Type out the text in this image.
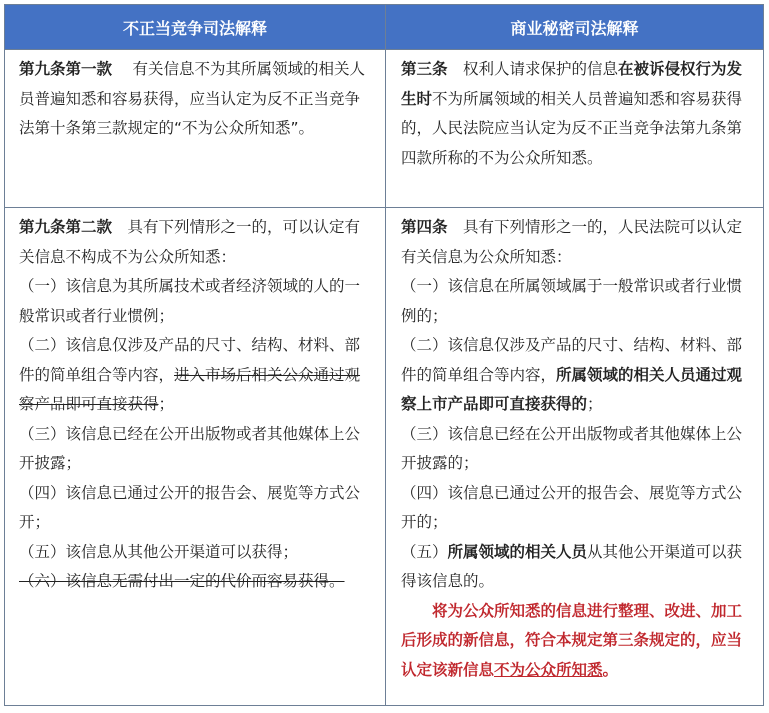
不正当竞争司法解释	商业秘密司法解释
第九条第一款　 有关信息不为其所属领域的相关人员普遍知悉和容易获得，应当认定为反不正当竞争法第十条第三款规定的“不为公众所知悉”。
第三条　 权利人请求保护的信息在被诉侵权行为发生时不为所属领域的相关人员普遍知悉和容易获得的，人民法院应当认定为反不正当竞争法第九条第四款所称的不为公众所知悉。
第九条第二款　 具有下列情形之一的，可以认定有关信息不构成不为公众所知悉：
（一）该信息为其所属技术或者经济领域的人的一般常识或者行业惯例；
（二）该信息仅涉及产品的尺寸、结构、材料、部件的简单组合等内容，进入市场后相关公众通过观察产品即可直接获得；
（三）该信息已经在公开出版物或者其他媒体上公开披露；
（四）该信息已通过公开的报告会、展览等方式公开；
（五）该信息从其他公开渠道可以获得；
（六）该信息无需付出一定的代价而容易获得。
第四条　 具有下列情形之一的，人民法院可以认定有关信息为公众所知悉：
（一）该信息在所属领域属于一般常识或者行业惯例的；
（二）该信息仅涉及产品的尺寸、结构、材料、部件的简单组合等内容，所属领域的相关人员通过观察上市产品即可直接获得的；
（三）该信息已经在公开出版物或者其他媒体上公开披露的；
（四）该信息已通过公开的报告会、展览等方式公开的；
（五）所属领域的相关人员从其他公开渠道可以获得该信息的。
将为公众所知悉的信息进行整理、改进、加工后形成的新信息，符合本规定第三条规定的，应当认定该新信息不为公众所知悉。
